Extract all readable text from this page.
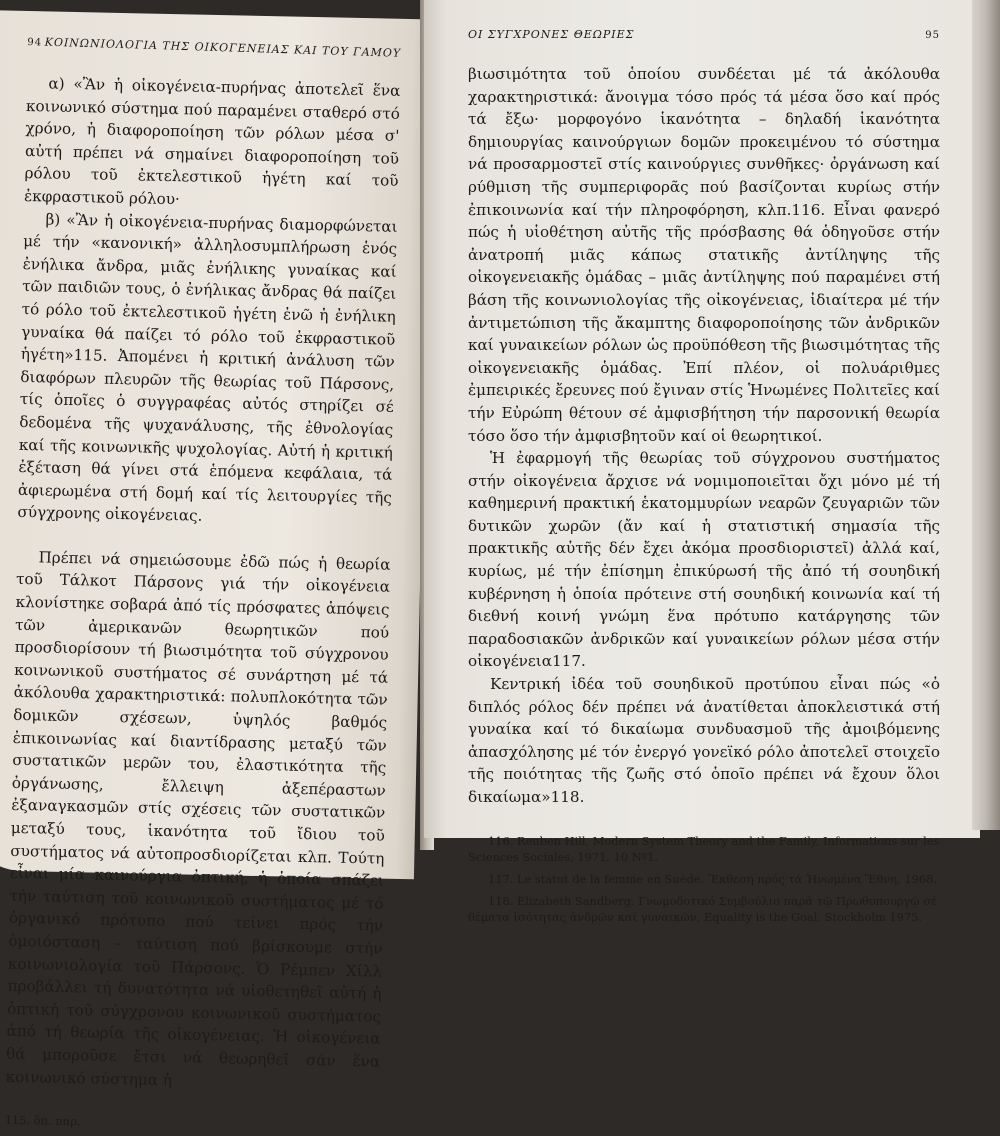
94 ΚΟΙΝΩΝΙΟΛΟΓΙΑ ΤΗΣ ΟΙΚΟΓΕΝΕΙΑΣ ΚΑΙ ΤΟΥ ΓΑΜΟΥ

α) «Ἂν ἡ οἰκογένεια-πυρήνας ἀποτελεῖ ἕνα κοινωνικό σύστημα πού παραμένει σταθερό στό χρόνο, ἡ διαφοροποίηση τῶν ρόλων μέσα σ' αὐτή πρέπει νά σημαίνει διαφοροποίηση τοῦ ρόλου τοῦ ἐκτελεστικοῦ ἡγέτη καί τοῦ ἐκφραστικοῦ ρόλου·

β) «Ἂν ἡ οἰκογένεια-πυρήνας διαμορφώνεται μέ τήν «κανονική» ἀλληλοσυμπλήρωση ἑνός ἐνήλικα ἄνδρα, μιᾶς ἐνήλικης γυναίκας καί τῶν παιδιῶν τους, ὁ ἐνήλικας ἄνδρας θά παίζει τό ρόλο τοῦ ἐκτελεστικοῦ ἡγέτη ἐνῶ ἡ ἐνήλικη γυναίκα θά παίζει τό ρόλο τοῦ ἐκφραστικοῦ ἡγέτη»115. Ἀπομένει ἡ κριτική ἀνάλυση τῶν διαφόρων πλευρῶν τῆς θεωρίας τοῦ Πάρσονς, τίς ὁποῖες ὁ συγγραφέας αὐτός στηρίζει σέ δεδομένα τῆς ψυχανάλυσης, τῆς ἐθνολογίας καί τῆς κοινωνικῆς ψυχολογίας. Αὐτή ἡ κριτική ἐξέταση θά γίνει στά ἑπόμενα κεφάλαια, τά ἀφιερωμένα στή δομή καί τίς λειτουργίες τῆς σύγχρονης οἰκογένειας.

Πρέπει νά σημειώσουμε ἐδῶ πώς ἡ θεωρία τοῦ Τάλκοτ Πάρσονς γιά τήν οἰκογένεια κλονίστηκε σοβαρά ἀπό τίς πρόσφατες ἀπόψεις τῶν ἀμερικανῶν θεωρητικῶν πού προσδιορίσουν τή βιωσιμότητα τοῦ σύγχρονου κοινωνικοῦ συστήματος σέ συνάρτηση μέ τά ἀκόλουθα χαρακτηριστικά: πολυπλοκότητα τῶν δομικῶν σχέσεων, ὑψηλός βαθμός ἐπικοινωνίας καί διαντίδρασης μεταξύ τῶν συστατικῶν μερῶν του, ἐλαστικότητα τῆς ὀργάνωσης, ἔλλειψη ἀξεπέραστων ἐξαναγκασμῶν στίς σχέσεις τῶν συστατικῶν μεταξύ τους, ἱκανότητα τοῦ ἴδιου τοῦ συστήματος νά αὐτοπροσδιορίζεται κλπ. Τούτη εἶναι μία καινούργια ὀπτική, ἡ ὁποία σπάζει τήν ταύτιση τοῦ κοινωνικοῦ συστήματος μέ τό ὀργανικό πρότυπο πού τείνει πρός τήν ὁμοιόσταση – ταύτιση πού βρίσκουμε στήν κοινωνιολογία τοῦ Πάρσονς. Ὁ Ρέμπεν Χίλλ προβάλλει τή δυνατότητα νά υἱοθετηθεῖ αὐτή ἡ ὀπτική τοῦ σύγχρονου κοινωνικοῦ συστήματος ἀπό τή θεωρία τῆς οἰκογένειας. Ἡ οἰκογένεια θά μποροῦσε ἔτσι νά θεωρηθεῖ σάν ἕνα κοινωνικό σύστημα ἡ

115. ὅπ. παρ.

ΟΙ ΣΥΓΧΡΟΝΕΣ ΘΕΩΡΙΕΣ	95

βιωσιμότητα τοῦ ὁποίου συνδέεται μέ τά ἀκόλουθα χαρακτηριστικά: ἄνοιγμα τόσο πρός τά μέσα ὅσο καί πρός τά ἔξω· μορφογόνο ἱκανότητα – δηλαδή ἱκανότητα δημιουργίας καινούργιων δομῶν προκειμένου τό σύστημα νά προσαρμοστεῖ στίς καινούργιες συνθῆκες· ὀργάνωση καί ρύθμιση τῆς συμπεριφορᾶς πού βασίζονται κυρίως στήν ἐπικοινωνία καί τήν πληροφόρηση, κλπ.116. Εἶναι φανερό πώς ἡ υἱοθέτηση αὐτῆς τῆς πρόσβασης θά ὁδηγοῦσε στήν ἀνατροπή μιᾶς κάπως στατικῆς ἀντίληψης τῆς οἰκογενειακῆς ὁμάδας – μιᾶς ἀντίληψης πού παραμένει στή βάση τῆς κοινωνιολογίας τῆς οἰκογένειας, ἰδιαίτερα μέ τήν ἀντιμετώπιση τῆς ἄκαμπτης διαφοροποίησης τῶν ἀνδρικῶν καί γυναικείων ρόλων ὡς προϋπόθεση τῆς βιωσιμότητας τῆς οἰκογενειακῆς ὁμάδας. Ἐπί πλέον, οἱ πολυάριθμες ἐμπειρικές ἔρευνες πού ἔγιναν στίς Ἡνωμένες Πολιτεῖες καί τήν Εὐρώπη θέτουν σέ ἀμφισβήτηση τήν παρσονική θεωρία τόσο ὅσο τήν ἀμφισβητοῦν καί οἱ θεωρητικοί.

Ἡ ἐφαρμογή τῆς θεωρίας τοῦ σύγχρονου συστήματος στήν οἰκογένεια ἄρχισε νά νομιμοποιεῖται ὄχι μόνο μέ τή καθημερινή πρακτική ἑκατομμυρίων νεαρῶν ζευγαριῶν τῶν δυτικῶν χωρῶν (ἄν καί ἡ στατιστική σημασία τῆς πρακτικῆς αὐτῆς δέν ἔχει ἀκόμα προσδιοριστεῖ) ἀλλά καί, κυρίως, μέ τήν ἐπίσημη ἐπικύρωσή τῆς ἀπό τή σουηδική κυβέρνηση ἡ ὁποία πρότεινε στή σουηδική κοινωνία καί τή διεθνή κοινή γνώμη ἕνα πρότυπο κατάργησης τῶν παραδοσιακῶν ἀνδρικῶν καί γυναικείων ρόλων μέσα στήν οἰκογένεια117.

Κεντρική ἰδέα τοῦ σουηδικοῦ προτύπου εἶναι πώς «ὁ διπλός ρόλος δέν πρέπει νά ἀνατίθεται ἀποκλειστικά στή γυναίκα καί τό δικαίωμα συνδυασμοῦ τῆς ἀμοιβόμενης ἀπασχόλησης μέ τόν ἐνεργό γονεϊκό ρόλο ἀποτελεῖ στοιχεῖο τῆς ποιότητας τῆς ζωῆς στό ὁποῖο πρέπει νά ἔχουν ὅλοι δικαίωμα»118.

116. Reuben Hill, Modern System Theory and the Family, Informations sur les Sciences Sociales, 1971, 10 Nº1.

117. Le statut de la femme en Suède. Ἔκθεση πρός τά Ἡνωμένα Ἔθνη, 1968.

118. Elizabeth Sandberg, Γνωμοδοτικό Συμβούλιο παρά τῷ Πρωθυπουργῷ σέ θέματα ἰσότητας ἀνδρῶν καί γυναικῶν, Equality is the Goal, Stockholm 1975.
